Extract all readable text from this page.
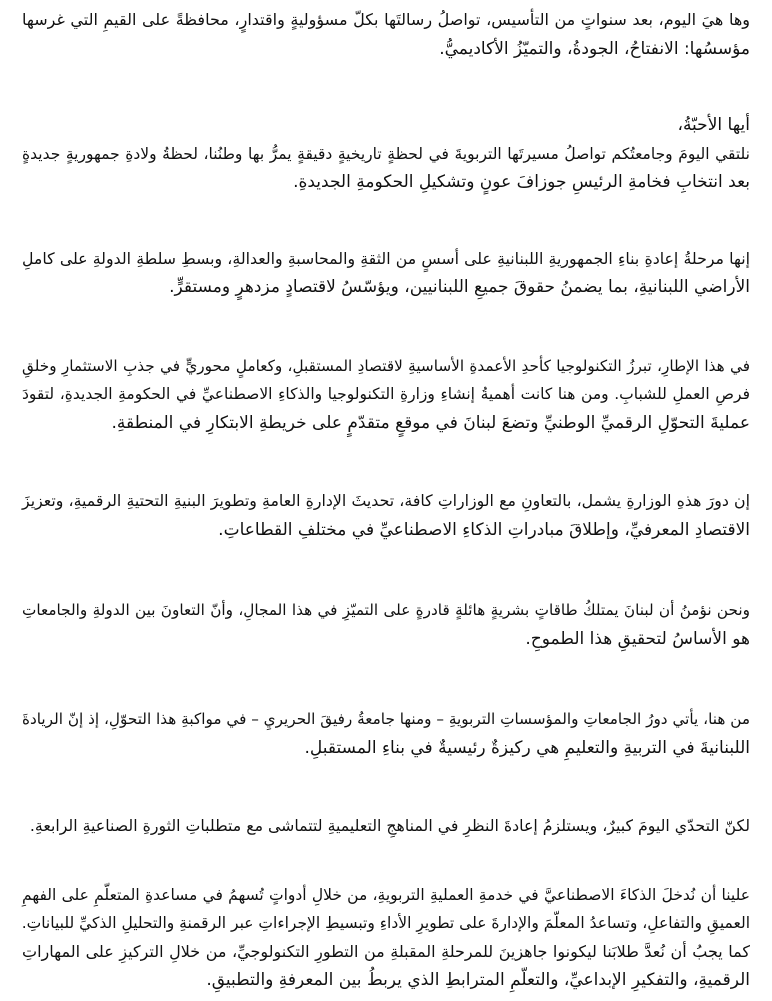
وها هيَ اليوم، بعد سنواتٍ من التأسيس، تواصلُ رسالتَها بكلّ مسؤوليةٍ واقتدارٍ، محافظةً على القيمِ التي غرسها
مؤسسُها: الانفتاحُ، الجودةُ، والتميّزُ الأكاديميُّ.

أيها الأحبّةُ،
نلتقي اليومَ وجامعتُكم تواصلُ مسيرتَها التربويةَ في لحظةٍ تاريخيةٍ دقيقةٍ يمرُّ بها وطنُنا، لحظةُ ولادةِ جمهوريةٍ جديدةٍ
بعد انتخابِ فخامةِ الرئيسِ جوزافَ عونٍ وتشكيلِ الحكومةِ الجديدةِ.

إنها مرحلةُ إعادةِ بناءِ الجمهوريةِ اللبنانيةِ على أسسٍ من الثقةِ والمحاسبةِ والعدالةِ، وبسطِ سلطةِ الدولةِ على كاملِ
الأراضي اللبنانيةِ، بما يضمنُ حقوقَ جميعِ اللبنانيين، ويؤسّسُ لاقتصادٍ مزدهرٍ ومستقرٍّ.

في هذا الإطارِ، تبرزُ التكنولوجيا كأحدِ الأعمدةِ الأساسيةِ لاقتصادِ المستقبلِ، وكعاملٍ محوريٍّ في جذبِ الاستثمارِ وخلقِ
فرصِ العملِ للشبابِ. ومن هنا كانت أهميةُ إنشاءِ وزارةِ التكنولوجيا والذكاءِ الاصطناعيِّ في الحكومةِ الجديدةِ، لتقودَ
عمليةَ التحوّلِ الرقميِّ الوطنيِّ وتضعَ لبنانَ في موقعٍ متقدّمٍ على خريطةِ الابتكارِ في المنطقةِ.

إن دورَ هذهِ الوزارةِ يشمل، بالتعاونِ مع الوزاراتِ كافة، تحديثَ الإدارةِ العامةِ وتطويرَ البنيةِ التحتيةِ الرقميةِ، وتعزيزَ
الاقتصادِ المعرفيِّ، وإطلاقَ مبادراتِ الذكاءِ الاصطناعيِّ في مختلفِ القطاعاتِ.

ونحن نؤمنُ أن لبنانَ يمتلكُ طاقاتٍ بشريةٍ هائلةٍ قادرةٍ على التميّزِ في هذا المجالِ، وأنّ التعاونَ بين الدولةِ والجامعاتِ
هو الأساسُ لتحقيقِ هذا الطموحِ.

من هنا، يأتي دورُ الجامعاتِ والمؤسساتِ التربويةِ – ومنها جامعةُ رفيقَ الحريريِ – في مواكبةِ هذا التحوّلِ، إذ إنّ الريادةَ
اللبنانيةَ في التربيةِ والتعليمِ هي ركيزةٌ رئيسيةٌ في بناءِ المستقبلِ.

لكنّ التحدّي اليومَ كبيرٌ، ويستلزمُ إعادةَ النظرِ في المناهجِ التعليميةِ لتتماشى مع متطلباتِ الثورةِ الصناعيةِ الرابعةِ.

علينا أن نُدخلَ الذكاءَ الاصطناعيَّ في خدمةِ العمليةِ التربويةِ، من خلالِ أدواتٍ تُسهمُ في مساعدةِ المتعلّمِ على الفهمِ
العميقِ والتفاعلِ، وتساعدُ المعلّمَ والإدارةَ على تطويرِ الأداءِ وتبسيطِ الإجراءاتِ عبر الرقمنةِ والتحليلِ الذكيِّ للبياناتِ.
كما يجبُ أن نُعدَّ طلابَنا ليكونوا جاهزينَ للمرحلةِ المقبلةِ من التطورِ التكنولوجيِّ، من خلالِ التركيزِ على المهاراتِ
الرقميةِ، والتفكيرِ الإبداعيِّ، والتعلّمِ المترابطِ الذي يربطُ بين المعرفةِ والتطبيقِ.
